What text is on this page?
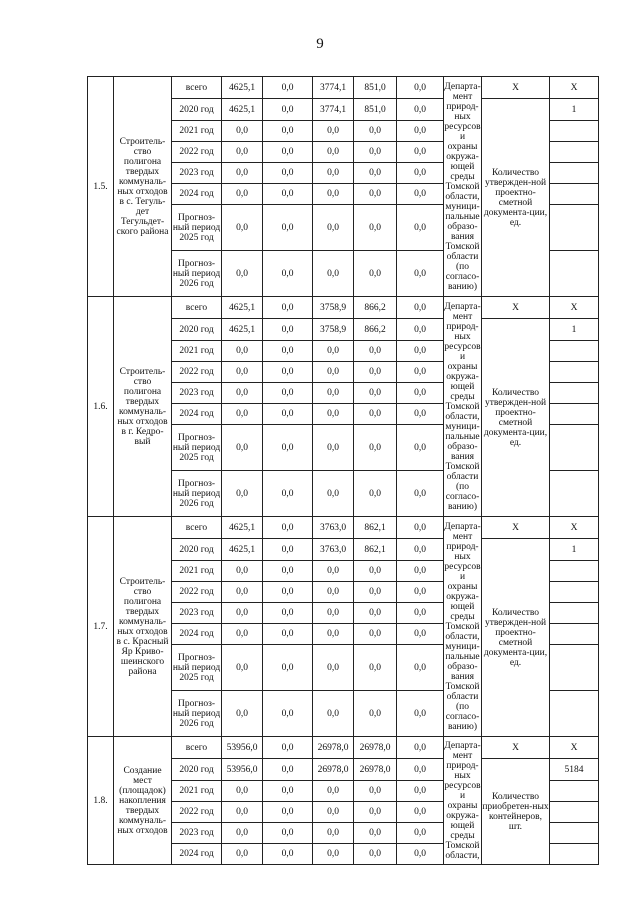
9
1.5.	Строитель-ство полигона твердых коммуналь-ных отходов в с. Тегуль-дет Тегульдет-ского района	всего	4625,1	0,0	3774,1	851,0	0,0	Департа-мент природ-ных ресурсов и охраны окружа-ющей среды Томской области, муници-пальные образо-вания Томской области (по согласо-ванию)	Х	Х
		2020 год	4625,1	0,0	3774,1	851,0	0,0		Количество утвержден-ной проектно-сметной документа-ции, ед.	1
		2021 год	0,0	0,0	0,0	0,0	0,0			
		2022 год	0,0	0,0	0,0	0,0	0,0			
		2023 год	0,0	0,0	0,0	0,0	0,0			
		2024 год	0,0	0,0	0,0	0,0	0,0			
		Прогноз-ный период 2025 год	0,0	0,0	0,0	0,0	0,0			
		Прогноз-ный период 2026 год	0,0	0,0	0,0	0,0	0,0			
1.6.	Строитель-ство полигона твердых коммуналь-ных отходов в г. Кедро-вый	всего	4625,1	0,0	3758,9	866,2	0,0	Департа-мент природ-ных ресурсов и охраны окружа-ющей среды Томской области, муници-пальные образо-вания Томской области (по согласо-ванию)	Х	Х
		2020 год	4625,1	0,0	3758,9	866,2	0,0		Количество утвержден-ной проектно-сметной документа-ции, ед.	1
		2021 год	0,0	0,0	0,0	0,0	0,0			
		2022 год	0,0	0,0	0,0	0,0	0,0			
		2023 год	0,0	0,0	0,0	0,0	0,0			
		2024 год	0,0	0,0	0,0	0,0	0,0			
		Прогноз-ный период 2025 год	0,0	0,0	0,0	0,0	0,0			
		Прогноз-ный период 2026 год	0,0	0,0	0,0	0,0	0,0			
1.7.	Строитель-ство полигона твердых коммуналь-ных отходов в с. Красный Яр Криво-шеинского района	всего	4625,1	0,0	3763,0	862,1	0,0	Департа-мент природ-ных ресурсов и охраны окружа-ющей среды Томской области, муници-пальные образо-вания Томской области (по согласо-ванию)	Х	Х
		2020 год	4625,1	0,0	3763,0	862,1	0,0		Количество утвержден-ной проектно-сметной документа-ции, ед.	1
		2021 год	0,0	0,0	0,0	0,0	0,0			
		2022 год	0,0	0,0	0,0	0,0	0,0			
		2023 год	0,0	0,0	0,0	0,0	0,0			
		2024 год	0,0	0,0	0,0	0,0	0,0			
		Прогноз-ный период 2025 год	0,0	0,0	0,0	0,0	0,0			
		Прогноз-ный период 2026 год	0,0	0,0	0,0	0,0	0,0			
1.8.	Создание мест (площадок) накопления твердых коммуналь-ных отходов	всего	53956,0	0,0	26978,0	26978,0	0,0	Департа-мент природ-ных ресурсов и охраны окружа-ющей среды Томской области,	Х	Х
		2020 год	53956,0	0,0	26978,0	26978,0	0,0		Количество приобретен-ных контейнеров, шт.	5184
		2021 год	0,0	0,0	0,0	0,0	0,0			
		2022 год	0,0	0,0	0,0	0,0	0,0			
		2023 год	0,0	0,0	0,0	0,0	0,0			
		2024 год	0,0	0,0	0,0	0,0	0,0			
